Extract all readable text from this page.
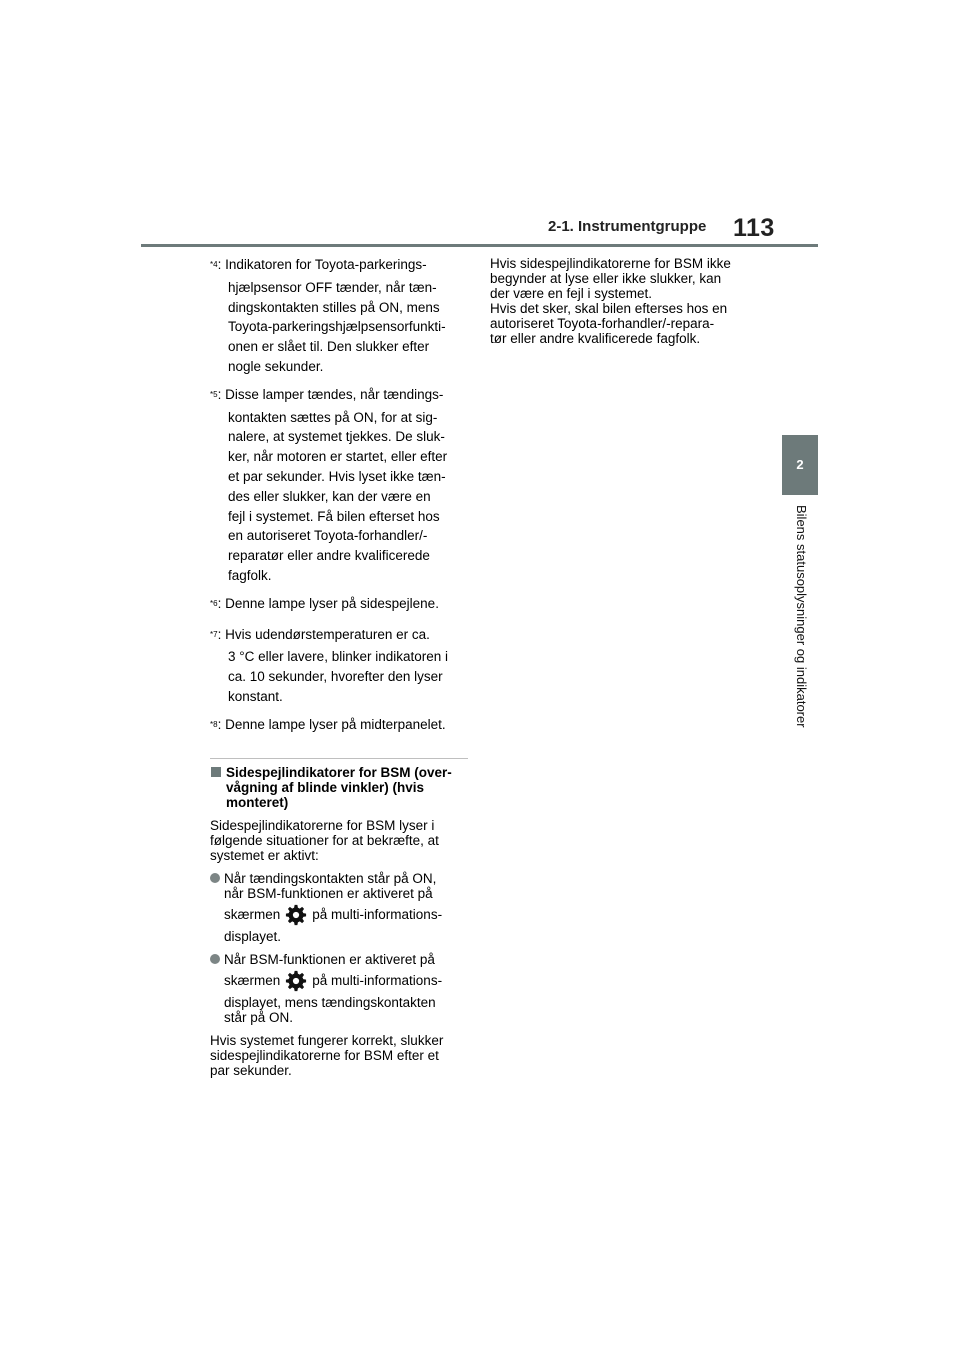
2-1. Instrumentgruppe 113
2
Bilens statusoplysninger og indikatorer
$^{*4}$ : Indikatoren for Toyota-parkerings-
hjælpsensor OFF tænder, når tæn-
dingskontakten stilles på ON, mens
Toyota-parkeringshjælpsensorfunkti-
onen er slået til. Den slukker efter
nogle sekunder.
$^{*5}$ : Disse lamper tændes, når tændings-
kontakten sættes på ON, for at sig-
nalere, at systemet tjekkes. De sluk-
ker, når motoren er startet, eller efter
et par sekunder. Hvis lyset ikke tæn-
des eller slukker, kan der være en
fejl i systemet. Få bilen efterset hos
en autoriseret Toyota-forhandler/-
reparatør eller andre kvalificerede
fagfolk.
$^{*6}$ : Denne lampe lyser på sidespejlene.
$^{*7}$ : Hvis udendørstemperaturen er ca.
3 °C eller lavere, blinker indikatoren i
ca. 10 sekunder, hvorefter den lyser
konstant.
$^{*8}$ : Denne lampe lyser på midterpanelet.
Sidespejlindikatorer for BSM (over-
vågning af blinde vinkler) (hvis
monteret)
Sidespejlindikatorerne for BSM lyser i
følgende situationer for at bekræfte, at
systemet er aktivt:
Når tændingskontakten står på ON,
når BSM-funktionen er aktiveret på
skærmen på multi-informations-
displayet.
Når BSM-funktionen er aktiveret på
skærmen på multi-informations-
displayet, mens tændingskontakten
står på ON.
Hvis systemet fungerer korrekt, slukker
sidespejlindikatorerne for BSM efter et
par sekunder.
Hvis sidespejlindikatorerne for BSM ikke
begynder at lyse eller ikke slukker, kan
der være en fejl i systemet.
Hvis det sker, skal bilen efterses hos en
autoriseret Toyota-forhandler/-repara-
tør eller andre kvalificerede fagfolk.
